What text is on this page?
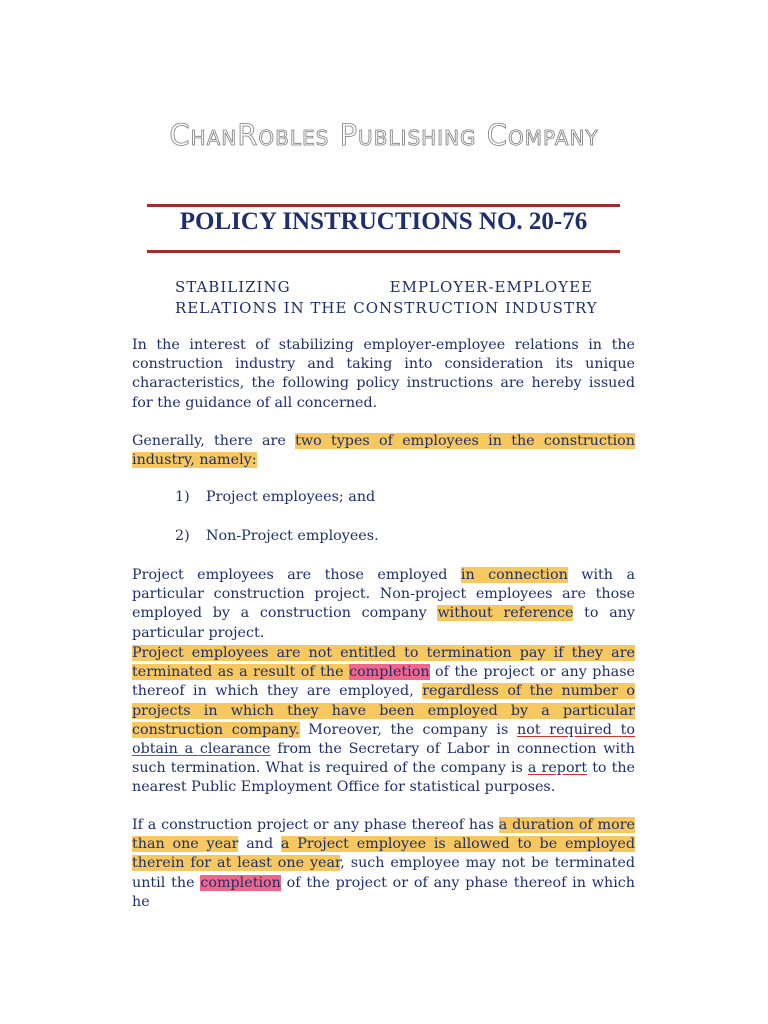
ChanRobles Publishing Company
POLICY INSTRUCTIONS NO. 20-76
STABILIZING	EMPLOYER-EMPLOYEE
RELATIONS IN THE CONSTRUCTION INDUSTRY

In the interest of stabilizing employer-employee relations in the construction industry and taking into consideration its unique characteristics, the following policy instructions are hereby issued for the guidance of all concerned.

Generally, there are two types of employees in the construction industry, namely:

1) Project employees; and
2) Non-Project employees.

Project employees are those employed in connection with a particular construction project. Non-project employees are those employed by a construction company without reference to any particular project.

Project employees are not entitled to termination pay if they are terminated as a result of the completion of the project or any phase thereof in which they are employed, regardless of the number o projects in which they have been employed by a particular construction company. Moreover, the company is not required to obtain a clearance from the Secretary of Labor in connection with such termination. What is required of the company is a report to the nearest Public Employment Office for statistical purposes.

If a construction project or any phase thereof has a duration of more than one year and a Project employee is allowed to be employed therein for at least one year, such employee may not be terminated until the completion of the project or of any phase thereof in which he
